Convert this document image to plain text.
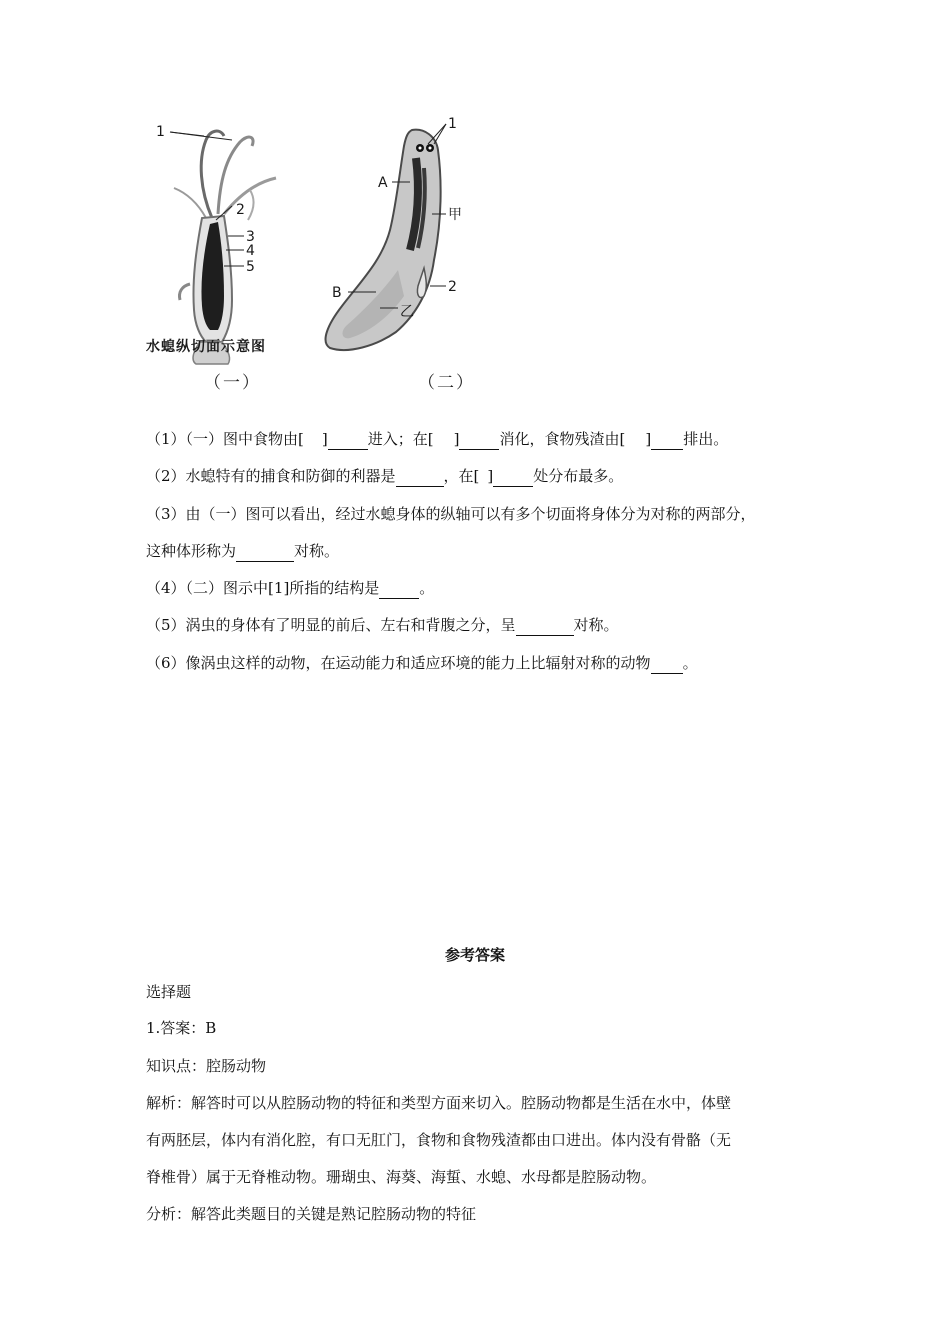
1
2
3
4
5
水螅纵切面示意图
（一）
1
A
甲
B	2
乙
（二）
（1）（一）图中食物由[ ]	进入；在[ ]	消化，食物残渣由[ ] 排出。
（2）水螅特有的捕食和防御的利器是	，在[ ]	处分布最多。
（3）由（一）图可以看出，经过水螅身体的纵轴可以有多个切面将身体分为对称的两部分，
这种体形称为	对称。
（4）（二）图示中[1]所指的结构是	。
（5）涡虫的身体有了明显的前后、左右和背腹之分，呈	对称。
（6）像涡虫这样的动物，在运动能力和适应环境的能力上比辐射对称的动物 。
参考答案
选择题
1.答案：B
知识点：腔肠动物
解析：解答时可以从腔肠动物的特征和类型方面来切入。腔肠动物都是生活在水中，体壁
有两胚层，体内有消化腔，有口无肛门，食物和食物残渣都由口进出。体内没有骨骼（无
脊椎骨）属于无脊椎动物。珊瑚虫、海葵、海蜇、水螅、水母都是腔肠动物。
分析：解答此类题目的关键是熟记腔肠动物的特征
